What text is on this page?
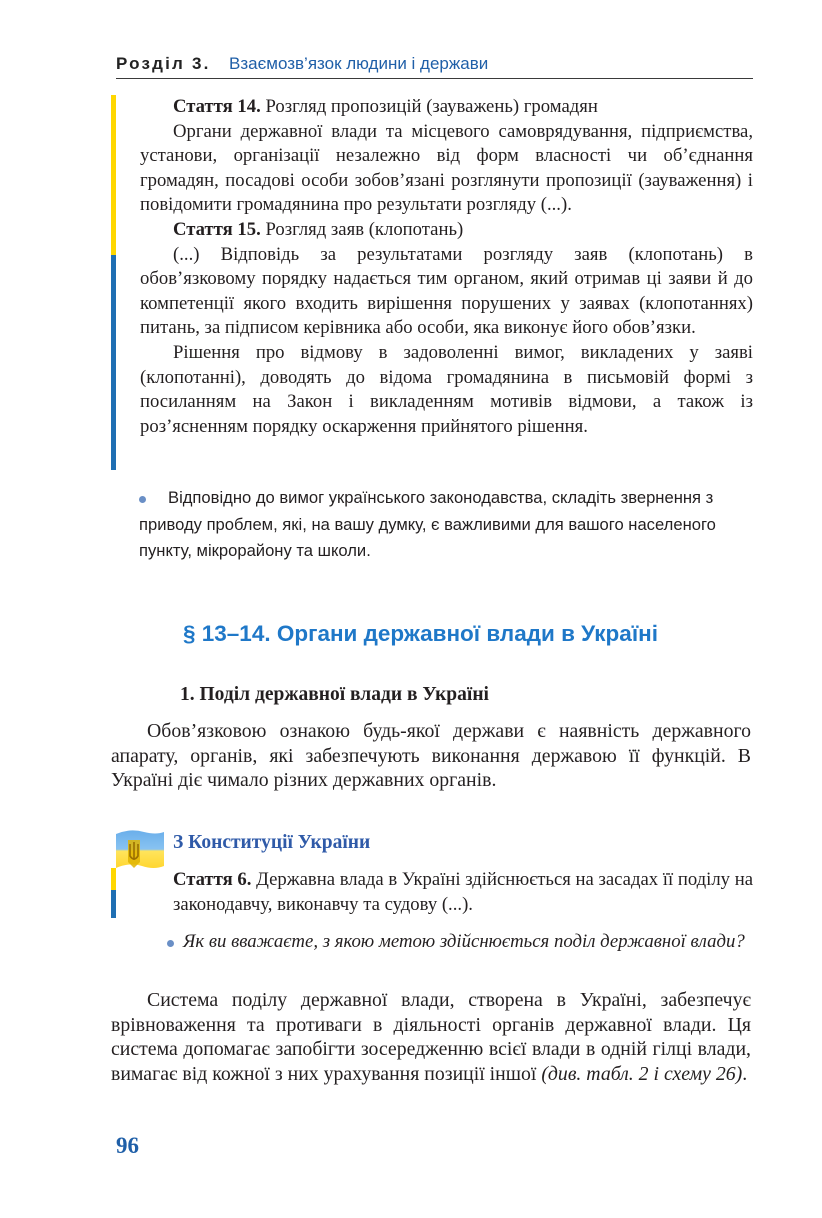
Розділ 3. Взаємозв’язок людини і держави

Стаття 14. Розгляд пропозицій (зауважень) громадян

Органи державної влади та місцевого самоврядування, підприємства, установи, організації незалежно від форм власності чи об’єднання громадян, посадові особи зобов’язані розглянути пропозиції (зауваження) і повідомити громадянина про результати розгляду (...).

Стаття 15. Розгляд заяв (клопотань)

(...) Відповідь за результатами розгляду заяв (клопотань) в обов’язковому порядку надається тим органом, який отримав ці заяви й до компетенції якого входить вирішення порушених у заявах (клопотаннях) питань, за підписом керівника або особи, яка виконує його обов’язки.

Рішення про відмову в задоволенні вимог, викладених у заяві (клопотанні), доводять до відома громадянина в письмовій формі з посиланням на Закон і викладенням мотивів відмови, а також із роз’ясненням порядку оскарження прийнятого рішення.

Відповідно до вимог українського законодавства, складіть звернення з приводу проблем, які, на вашу думку, є важливими для вашого населеного пункту, мікрорайону та школи.
§ 13–14. Органи державної влади в Україні
1. Поділ державної влади в Україні
Обов’язковою ознакою будь-якої держави є наявність державного апарату, органів, які забезпечують виконання державою її функцій. В Україні діє чимало різних державних органів.
З Конституції України

Стаття 6. Державна влада в Україні здійснюється на засадах її поділу на законодавчу, виконавчу та судову (...).

Як ви вважаєте, з якою метою здійснюється поділ державної влади?
Система поділу державної влади, створена в Україні, забезпечує врівноваження та противаги в діяльності органів державної влади. Ця система допомагає запобігти зосередженню всієї влади в одній гілці влади, вимагає від кожної з них урахування позиції іншої (див. табл. 2 і схему 26).
96
